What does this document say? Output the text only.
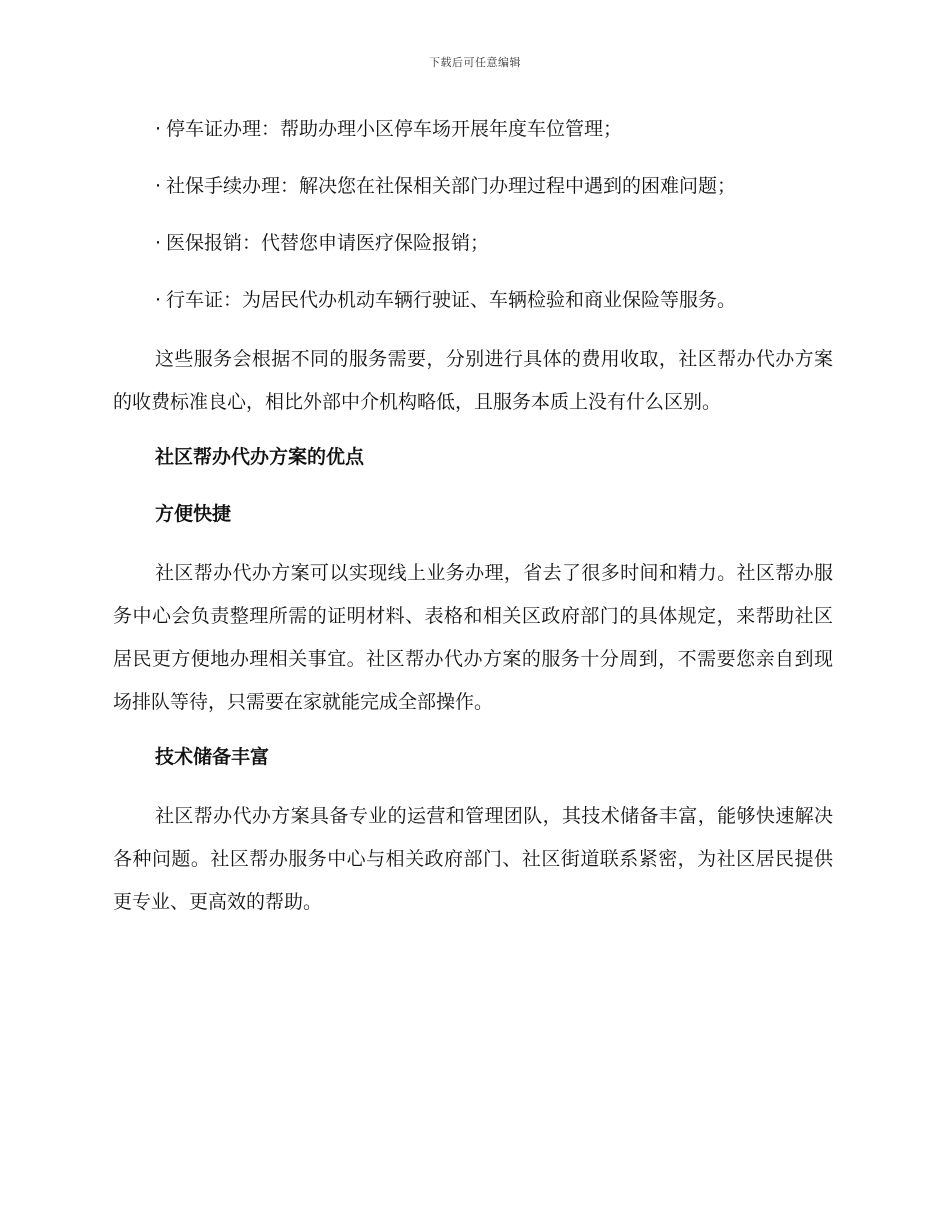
下载后可任意编辑
· 停车证办理：帮助办理小区停车场开展年度车位管理；
· 社保手续办理：解决您在社保相关部门办理过程中遇到的困难问题；
· 医保报销：代替您申请医疗保险报销；
· 行车证：为居民代办机动车辆行驶证、车辆检验和商业保险等服务。

这些服务会根据不同的服务需要，分别进行具体的费用收取，社区帮办代办方案的收费标准良心，相比外部中介机构略低，且服务本质上没有什么区别。

社区帮办代办方案的优点
方便快捷

社区帮办代办方案可以实现线上业务办理，省去了很多时间和精力。社区帮办服务中心会负责整理所需的证明材料、表格和相关区政府部门的具体规定，来帮助社区居民更方便地办理相关事宜。社区帮办代办方案的服务十分周到，不需要您亲自到现场排队等待，只需要在家就能完成全部操作。

技术储备丰富

社区帮办代办方案具备专业的运营和管理团队，其技术储备丰富，能够快速解决各种问题。社区帮办服务中心与相关政府部门、社区街道联系紧密，为社区居民提供更专业、更高效的帮助。
